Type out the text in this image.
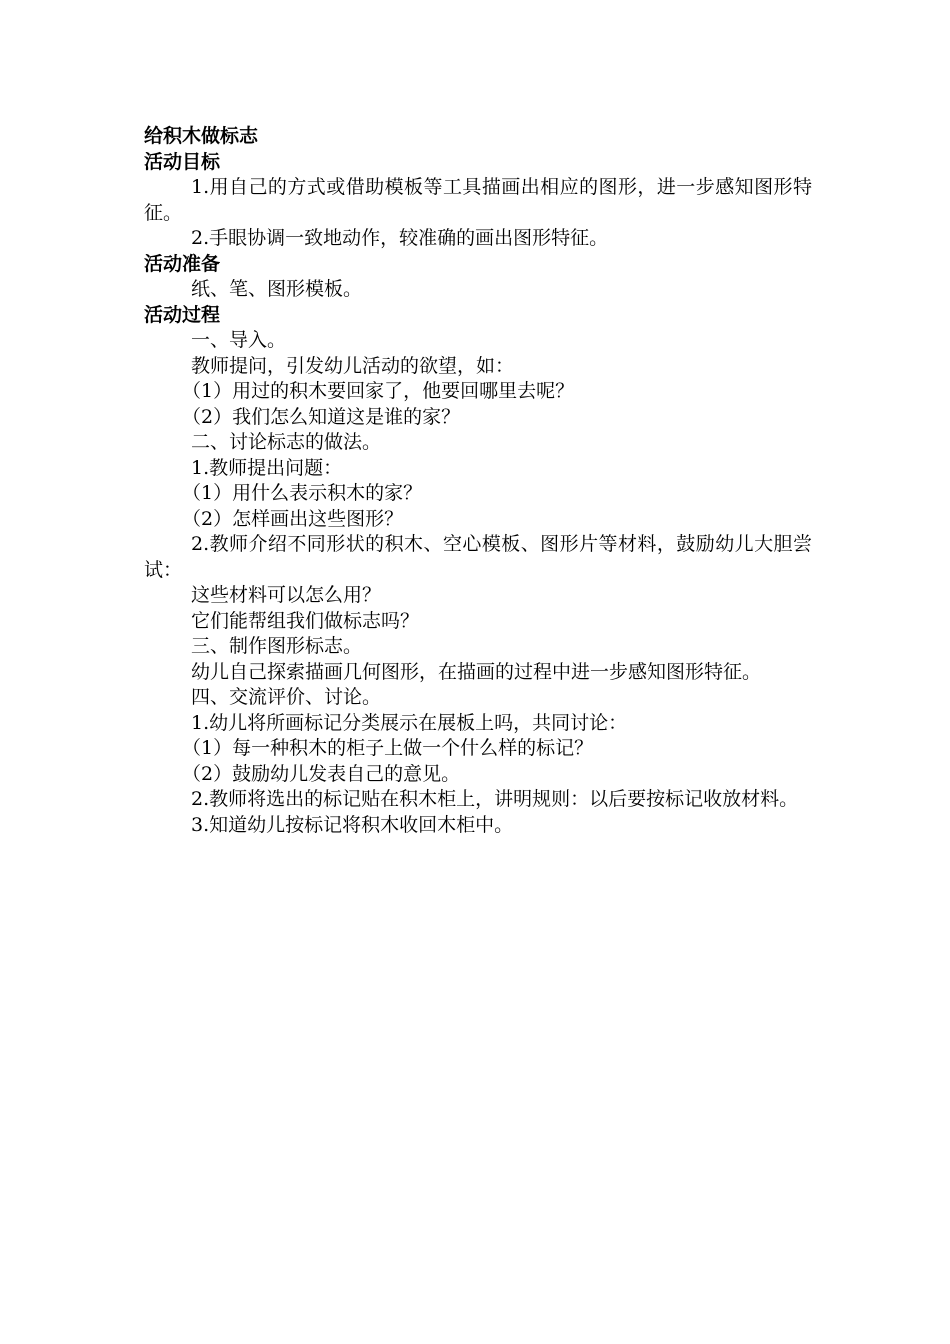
给积木做标志

活动目标

1.用自己的方式或借助模板等工具描画出相应的图形，进一步感知图形特征。

2.手眼协调一致地动作，较准确的画出图形特征。

活动准备

纸、笔、图形模板。

活动过程

一、导入。

教师提问，引发幼儿活动的欲望，如：

（1）用过的积木要回家了，他要回哪里去呢？

（2）我们怎么知道这是谁的家？

二、讨论标志的做法。

1.教师提出问题：

（1）用什么表示积木的家？

（2）怎样画出这些图形？

2.教师介绍不同形状的积木、空心模板、图形片等材料，鼓励幼儿大胆尝试：

这些材料可以怎么用？

它们能帮组我们做标志吗？

三、制作图形标志。

幼儿自己探索描画几何图形，在描画的过程中进一步感知图形特征。

四、交流评价、讨论。

1.幼儿将所画标记分类展示在展板上吗，共同讨论：

（1）每一种积木的柜子上做一个什么样的标记？

（2）鼓励幼儿发表自己的意见。

2.教师将选出的标记贴在积木柜上，讲明规则：以后要按标记收放材料。

3.知道幼儿按标记将积木收回木柜中。
